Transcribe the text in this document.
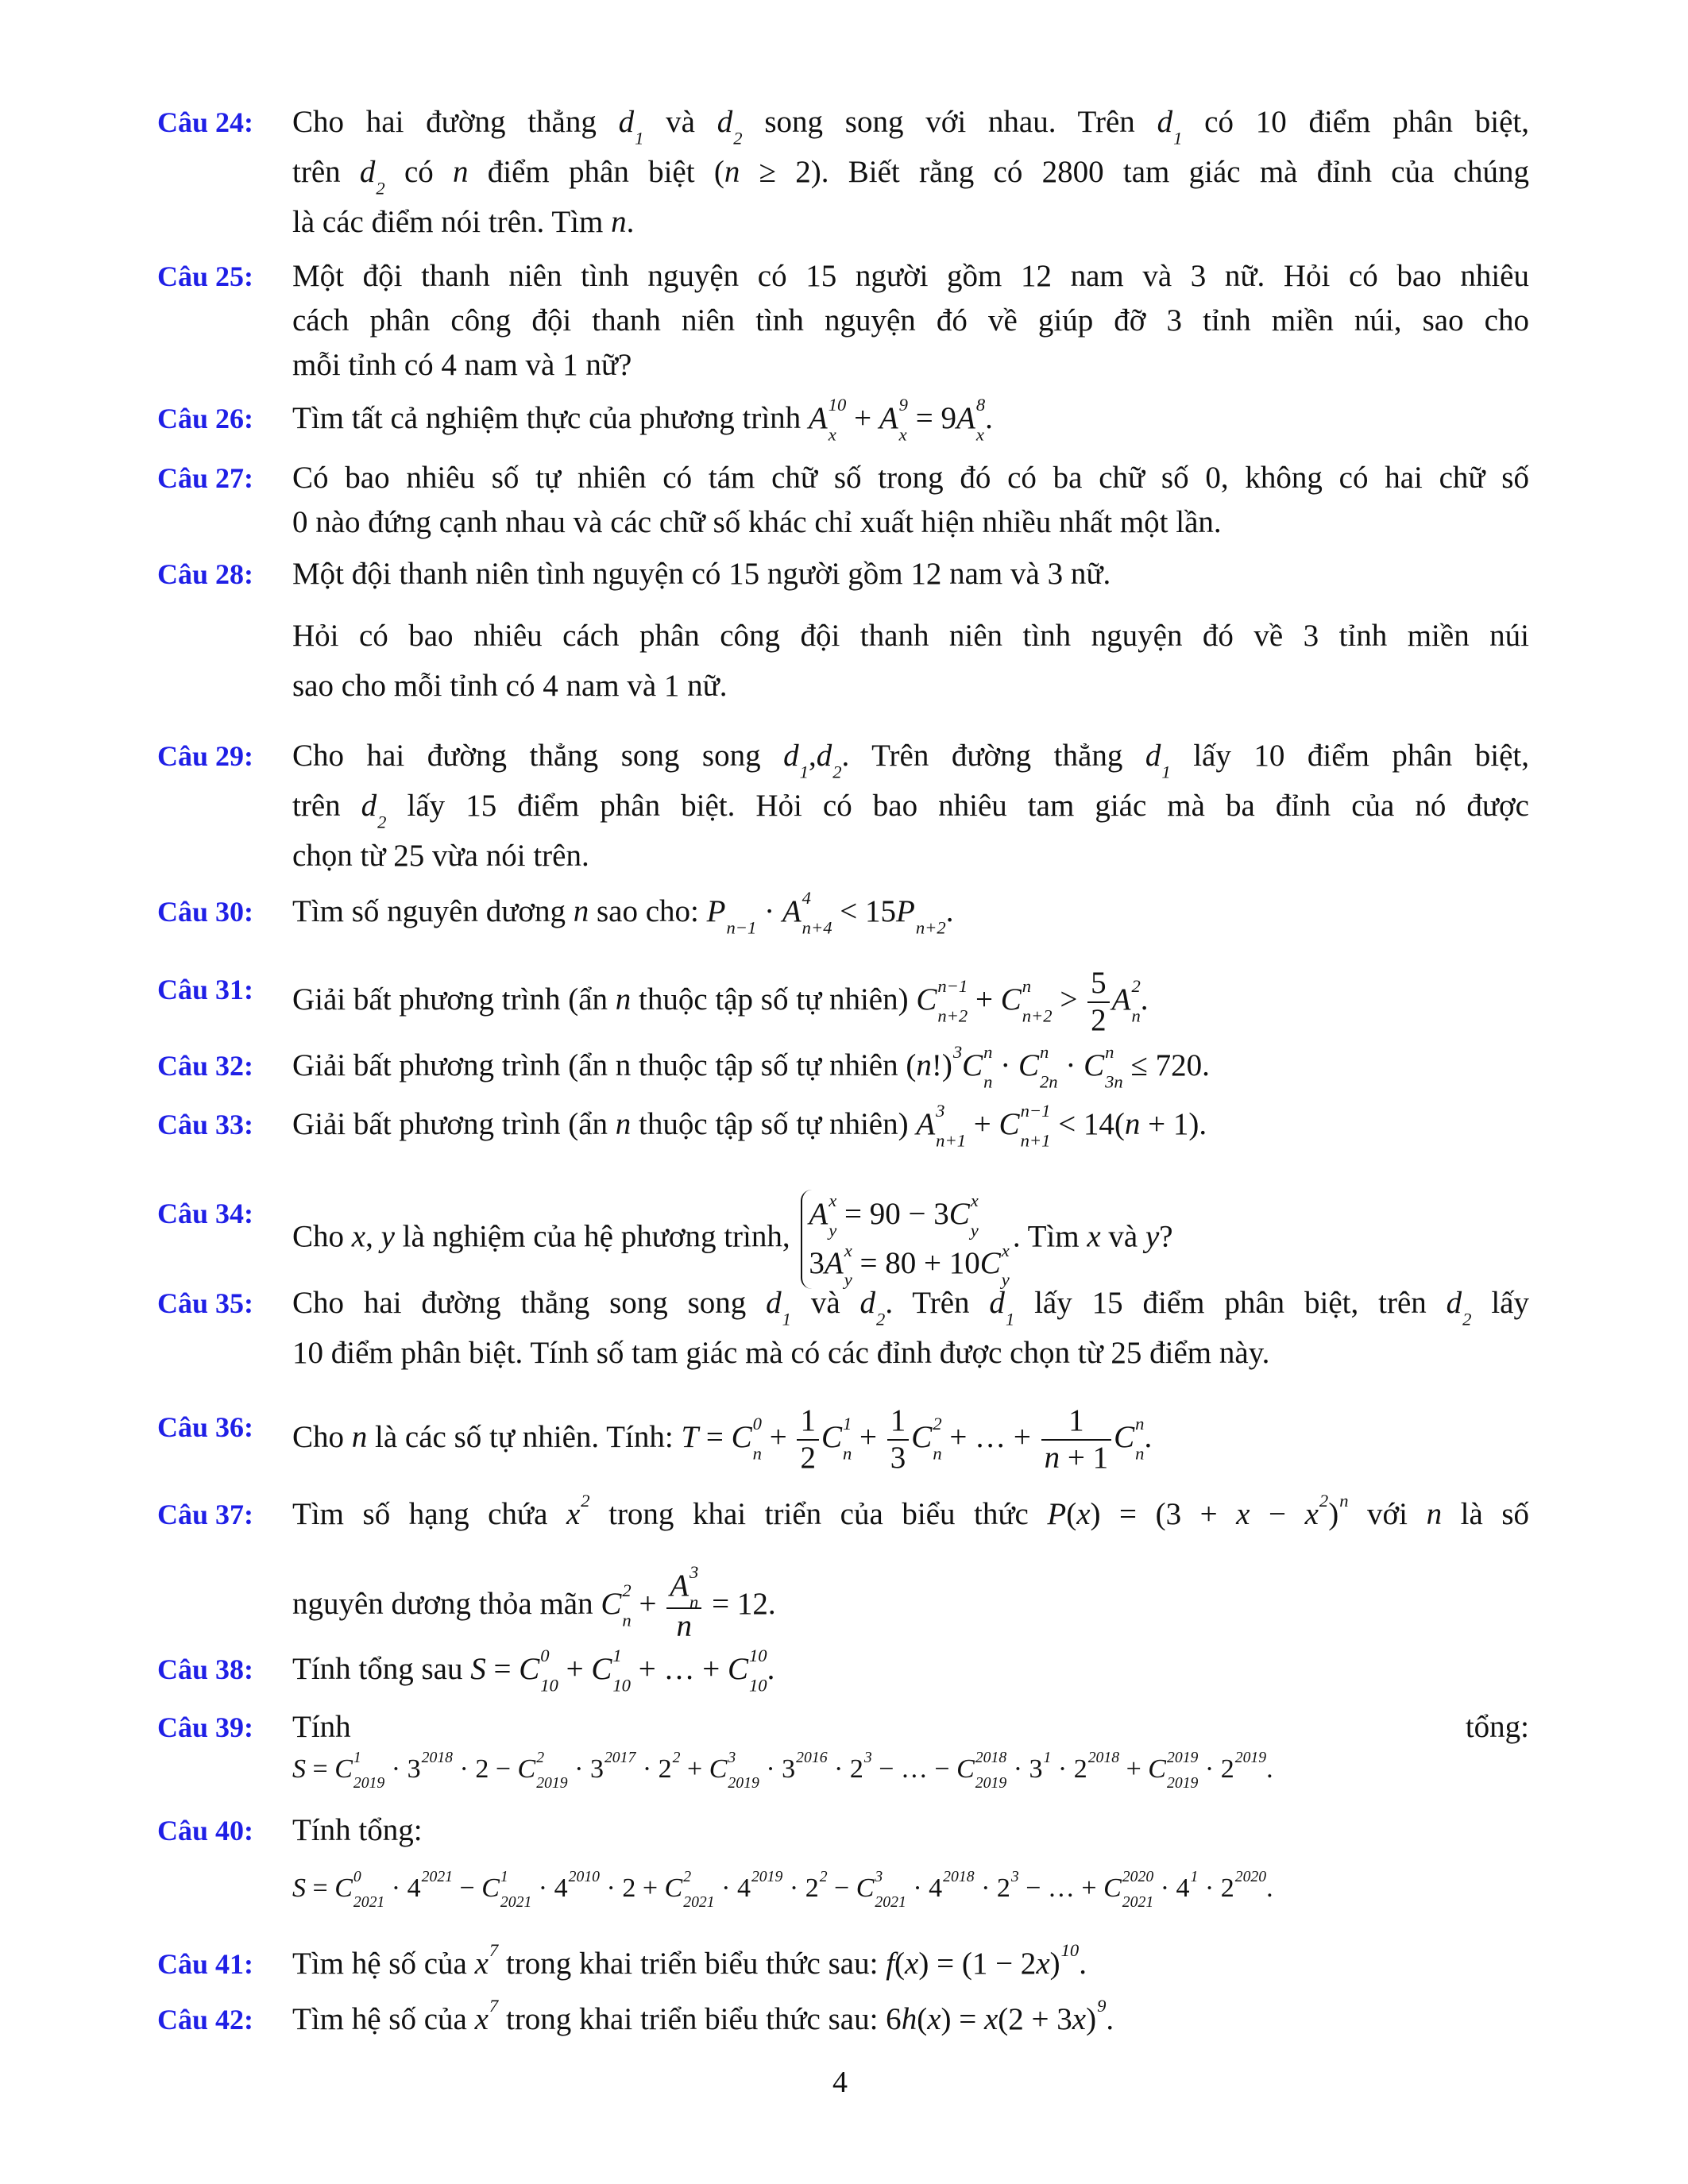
Câu 24: Cho hai đường thẳng d
1 và d
2 song song với nhau. Trên d
1 có 10 điểm phân biệt,
trên d
2 có n điểm phân biệt (n ≥ 2). Biết rằng có 2800 tam giác mà đỉnh của chúng
là các điểm nói trên. Tìm n.
Câu 25: Một đội thanh niên tình nguyện có 15 người gồm 12 nam và 3 nữ. Hỏi có bao nhiêu
cách phân công đội thanh niên tình nguyện đó về giúp đỡ 3 tỉnh miền núi, sao cho
mỗi tỉnh có 4 nam và 1 nữ?
Câu 26: Tìm tất cả nghiệm thực của phương trình A 10
x + A 9
x = 9A 8
x .
Câu 27: Có bao nhiêu số tự nhiên có tám chữ số trong đó có ba chữ số 0, không có hai chữ số
0 nào đứng cạnh nhau và các chữ số khác chỉ xuất hiện nhiều nhất một lần.
Câu 28: Một đội thanh niên tình nguyện có 15 người gồm 12 nam và 3 nữ.
Hỏi có bao nhiêu cách phân công đội thanh niên tình nguyện đó về 3 tỉnh miền núi
sao cho mỗi tỉnh có 4 nam và 1 nữ.
Câu 29: Cho hai đường thẳng song song d
1 ,d
2 . Trên đường thẳng d
1 lấy 10 điểm phân biệt,
trên d
2 lấy 15 điểm phân biệt. Hỏi có bao nhiêu tam giác mà ba đỉnh của nó được
chọn từ 25 vừa nói trên.
Câu 30: Tìm số nguyên dương n sao cho: P
n−1 · A 4
n+4 < 15P
n+2 .
Câu 31: Giải bất phương trình (ẩn n thuộc tập số tự nhiên) C n−1
n+2 + C n
$n+2 > \frac{5}{2}$ A 2
n .
Câu 32: Giải bất phương trình (ẩn n thuộc tập số tự nhiên (n!) 3
C n
n · C n
2n · C n
3n ≤ 720.
Câu 33: Giải bất phương trình (ẩn n thuộc tập số tự nhiên) A 3
n+1 + C n−1
n+1 < 14(n + 1).
Câu 34:
Cho x, y là nghiệm của hệ phương trình,
A x
y = 90 − 3C x
y
3A x
y = 80 + 10C x
y
. Tìm x và y?
Câu 35: Cho hai đường thẳng song song d
1 và d
2 . Trên d
1 lấy 15 điểm phân biệt, trên d
2 lấy
10 điểm phân biệt. Tính số tam giác mà có các đỉnh được chọn từ 25 điểm này.
Câu 36: Cho n là các số tự nhiên. Tính: T = C 0
$n + \frac{1}{2}$ C 1
$n + \frac{1}{3}$ C 2
n + … + $\frac{1}{n + 1}$ C n
n .
Câu 37: Tìm số hạng chứa x 2
trong khai triển của biểu thức P(x) = (3 + x − x 2
) n
với n là số
nguyên dương thỏa mãn C 2
n + A 3
n
n = 12.
Câu 38: Tính tổng sau S = C 0
10 + C 1
10 + … + C 10
10 .
Câu 39: Tính tổng:
S = C 1
2019 · 3 2018
· 2 − C 2
2019 · 3 2017
· 2 2
+ C 3
2019 · 3 2016
· 2 3
− … − C 2018
2019 · 3 1
· 2 2018
+ C 2019
2019 · 2 2019
.
Câu 40: Tính tổng:
S = C 0
2021 · 4 2021
− C 1
2021 · 4 2010
· 2 + C 2
2021 · 4 2019
· 2 2
− C 3
2021 · 4 2018
· 2 3
− … + C 2020
2021 · 4 1
· 2 2020
.
Câu 41: Tìm hệ số của x 7
trong khai triển biểu thức sau: f(x) = (1 − 2x) 10
.
Câu 42: Tìm hệ số của x 7
trong khai triển biểu thức sau: 6h(x) = x(2 + 3x) 9
.
4
